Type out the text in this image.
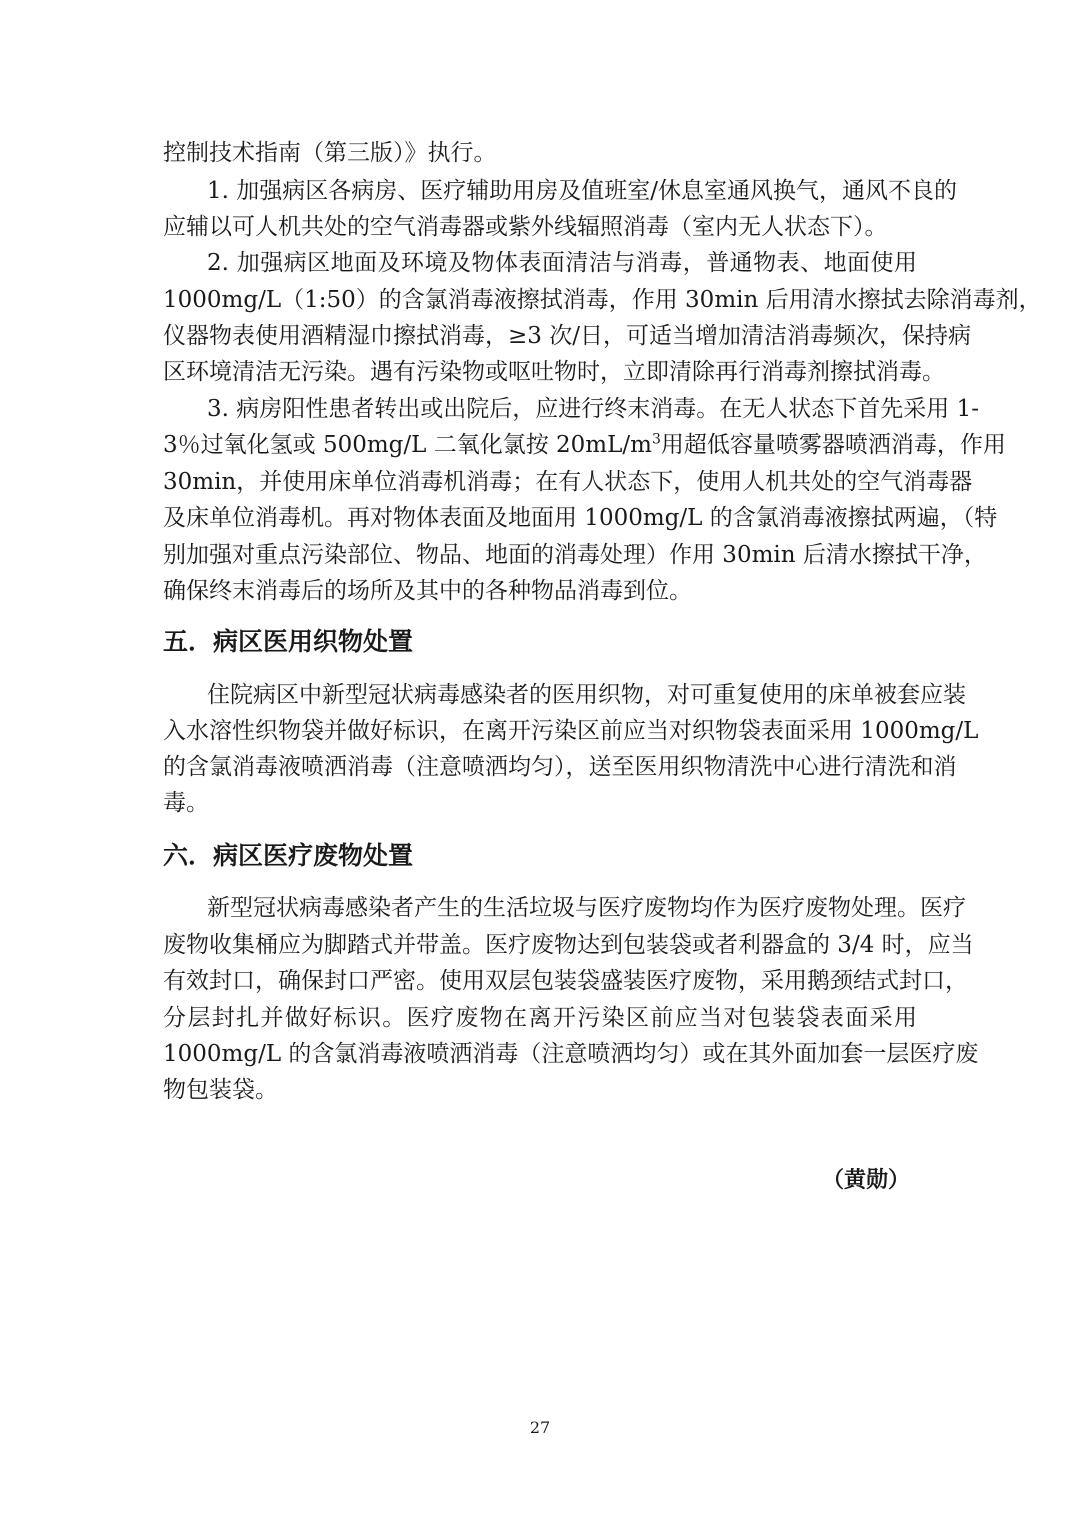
控制技术指南（第三版）》执行。
1. 加强病区各病房、医疗辅助用房及值班室/休息室通风换气，通风不良的
应辅以可人机共处的空气消毒器或紫外线辐照消毒（室内无人状态下）。
2. 加强病区地面及环境及物体表面清洁与消毒，普通物表、地面使用
1000mg/L（1:50）的含氯消毒液擦拭消毒，作用 30min 后用清水擦拭去除消毒剂，
仪器物表使用酒精湿巾擦拭消毒，≥3 次/日，可适当增加清洁消毒频次，保持病
区环境清洁无污染。遇有污染物或呕吐物时，立即清除再行消毒剂擦拭消毒。
3. 病房阳性患者转出或出院后，应进行终末消毒。在无人状态下首先采用 1-
3％过氧化氢或 500mg/L 二氧化氯按 $20mL/m^3$用超低容量喷雾器喷洒消毒，作用
30min，并使用床单位消毒机消毒；在有人状态下，使用人机共处的空气消毒器
及床单位消毒机。再对物体表面及地面用 1000mg/L 的含氯消毒液擦拭两遍，（特
别加强对重点污染部位、物品、地面的消毒处理）作用 30min 后清水擦拭干净，
确保终末消毒后的场所及其中的各种物品消毒到位。
五．病区医用织物处置
住院病区中新型冠状病毒感染者的医用织物，对可重复使用的床单被套应装
入水溶性织物袋并做好标识，在离开污染区前应当对织物袋表面采用 1000mg/L
的含氯消毒液喷洒消毒（注意喷洒均匀），送至医用织物清洗中心进行清洗和消
毒。
六．病区医疗废物处置
新型冠状病毒感染者产生的生活垃圾与医疗废物均作为医疗废物处理。医疗
废物收集桶应为脚踏式并带盖。医疗废物达到包装袋或者利器盒的 3/4 时，应当
有效封口，确保封口严密。使用双层包装袋盛装医疗废物，采用鹅颈结式封口，
分层封扎并做好标识。医疗废物在离开污染区前应当对包装袋表面采用
1000mg/L 的含氯消毒液喷洒消毒（注意喷洒均匀）或在其外面加套一层医疗废
物包装袋。
（黄勋）
27
